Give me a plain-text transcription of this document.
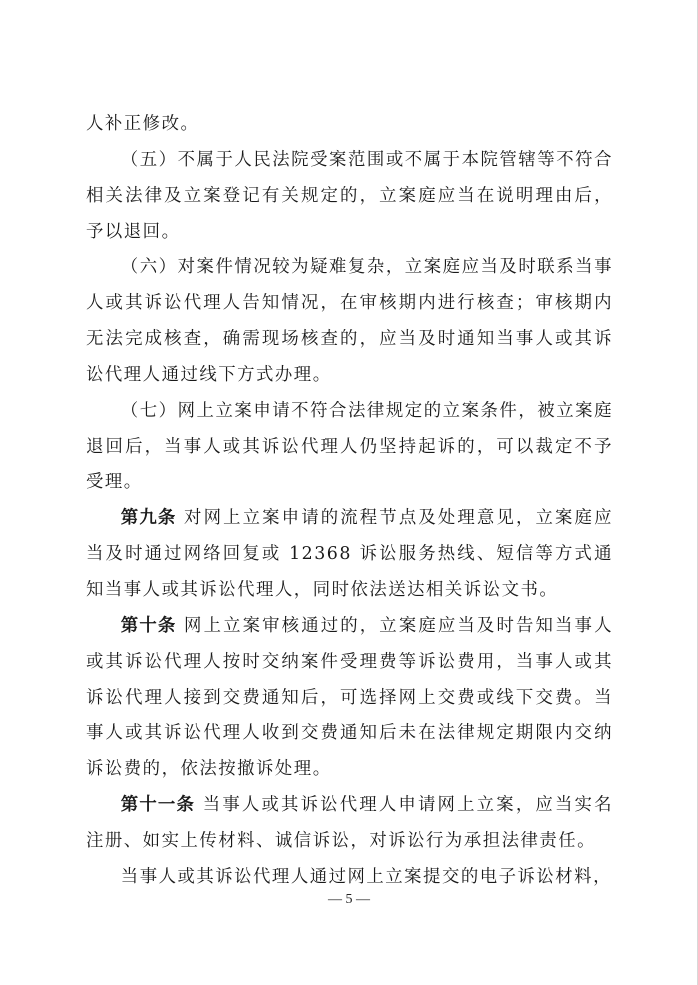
人补正修改。

（五）不属于人民法院受案范围或不属于本院管辖等不符合相关法律及立案登记有关规定的，立案庭应当在说明理由后，予以退回。

（六）对案件情况较为疑难复杂，立案庭应当及时联系当事人或其诉讼代理人告知情况，在审核期内进行核查；审核期内无法完成核查，确需现场核查的，应当及时通知当事人或其诉讼代理人通过线下方式办理。

（七）网上立案申请不符合法律规定的立案条件，被立案庭退回后，当事人或其诉讼代理人仍坚持起诉的，可以裁定不予受理。

第九条 对网上立案申请的流程节点及处理意见，立案庭应当及时通过网络回复或 12368 诉讼服务热线、短信等方式通知当事人或其诉讼代理人，同时依法送达相关诉讼文书。

第十条 网上立案审核通过的，立案庭应当及时告知当事人或其诉讼代理人按时交纳案件受理费等诉讼费用，当事人或其诉讼代理人接到交费通知后，可选择网上交费或线下交费。当事人或其诉讼代理人收到交费通知后未在法律规定期限内交纳诉讼费的，依法按撤诉处理。

第十一条 当事人或其诉讼代理人申请网上立案，应当实名注册、如实上传材料、诚信诉讼，对诉讼行为承担法律责任。

当事人或其诉讼代理人通过网上立案提交的电子诉讼材料，

— 5 —
